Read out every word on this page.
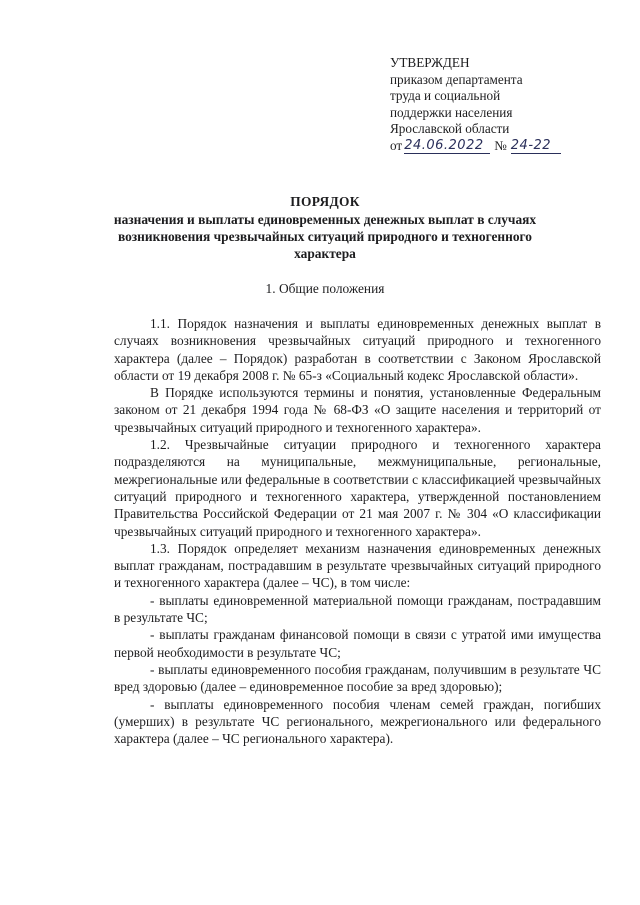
УТВЕРЖДЕН
приказом департамента
труда и социальной
поддержки населения
Ярославской области
от 24.06.2022 № 24-22
ПОРЯДОК
назначения и выплаты единовременных денежных выплат в случаях возникновения чрезвычайных ситуаций природного и техногенного характера
1. Общие положения

1.1. Порядок назначения и выплаты единовременных денежных выплат в случаях возникновения чрезвычайных ситуаций природного и техногенного характера (далее – Порядок) разработан в соответствии с Законом Ярославской области от 19 декабря 2008 г. № 65-з «Социальный кодекс Ярославской области».

В Порядке используются термины и понятия, установленные Федеральным законом от 21 декабря 1994 года № 68-ФЗ «О защите населения и территорий от чрезвычайных ситуаций природного и техногенного характера».

1.2. Чрезвычайные ситуации природного и техногенного характера подразделяются на муниципальные, межмуниципальные, региональные, межрегиональные или федеральные в соответствии с классификацией чрезвычайных ситуаций природного и техногенного характера, утвержденной постановлением Правительства Российской Федерации от 21 мая 2007 г. № 304 «О классификации чрезвычайных ситуаций природного и техногенного характера».

1.3. Порядок определяет механизм назначения единовременных денежных выплат гражданам, пострадавшим в результате чрезвычайных ситуаций природного и техногенного характера (далее – ЧС), в том числе:

- выплаты единовременной материальной помощи гражданам, пострадавшим в результате ЧС;

- выплаты гражданам финансовой помощи в связи с утратой ими имущества первой необходимости в результате ЧС;

- выплаты единовременного пособия гражданам, получившим в результате ЧС вред здоровью (далее – единовременное пособие за вред здоровью);

- выплаты единовременного пособия членам семей граждан, погибших (умерших) в результате ЧС регионального, межрегионального или федерального характера (далее – ЧС регионального характера).
